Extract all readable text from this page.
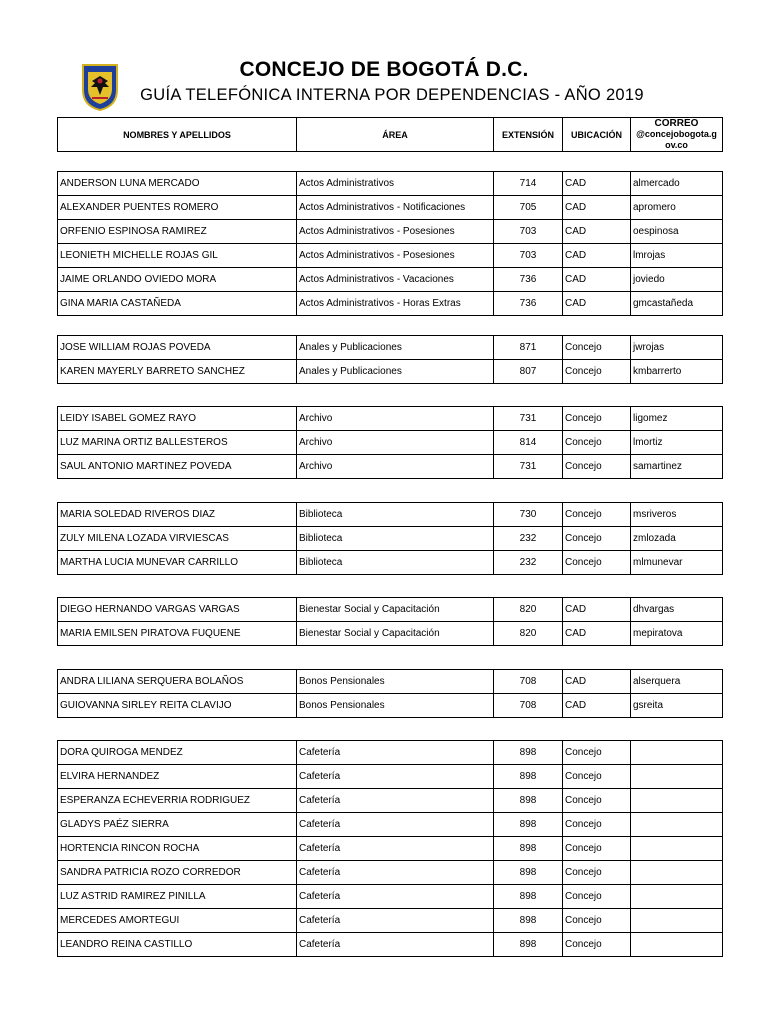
CONCEJO DE BOGOTÁ D.C.
GUÍA TELEFÓNICA INTERNA POR DEPENDENCIAS - AÑO 2019
NOMBRES Y APELLIDOS	ÁREA	EXTENSIÓN	UBICACIÓN	CORREO
@concejobogota.g
ov.co
ANDERSON LUNA MERCADO	Actos Administrativos	714	CAD	almercado
ALEXANDER PUENTES ROMERO	Actos Administrativos - Notificaciones	705	CAD	apromero
ORFENIO ESPINOSA RAMIREZ	Actos Administrativos - Posesiones	703	CAD	oespinosa
LEONIETH MICHELLE ROJAS GIL	Actos Administrativos - Posesiones	703	CAD	lmrojas
JAIME ORLANDO OVIEDO MORA	Actos Administrativos - Vacaciones	736	CAD	joviedo
GINA MARIA CASTAÑEDA	Actos Administrativos - Horas Extras	736	CAD	gmcastañeda
JOSE WILLIAM ROJAS POVEDA	Anales y Publicaciones	871	Concejo	jwrojas
KAREN MAYERLY BARRETO SANCHEZ	Anales y Publicaciones	807	Concejo	kmbarrerto
LEIDY ISABEL GOMEZ RAYO	Archivo	731	Concejo	ligomez
LUZ MARINA ORTIZ BALLESTEROS	Archivo	814	Concejo	lmortiz
SAUL ANTONIO MARTINEZ POVEDA	Archivo	731	Concejo	samartinez
MARIA SOLEDAD RIVEROS DIAZ	Biblioteca	730	Concejo	msriveros
ZULY MILENA LOZADA VIRVIESCAS	Biblioteca	232	Concejo	zmlozada
MARTHA LUCIA MUNEVAR CARRILLO	Biblioteca	232	Concejo	mlmunevar
DIEGO HERNANDO VARGAS VARGAS	Bienestar Social y Capacitación	820	CAD	dhvargas
MARIA EMILSEN PIRATOVA FUQUENE	Bienestar Social y Capacitación	820	CAD	mepiratova
ANDRA LILIANA SERQUERA BOLAÑOS	Bonos Pensionales	708	CAD	alserquera
GUIOVANNA SIRLEY REITA CLAVIJO	Bonos Pensionales	708	CAD	gsreita
DORA QUIROGA MENDEZ	Cafetería	898	Concejo	
ELVIRA HERNANDEZ	Cafetería	898	Concejo	
ESPERANZA ECHEVERRIA RODRIGUEZ	Cafetería	898	Concejo	
GLADYS PAÉZ SIERRA	Cafetería	898	Concejo	
HORTENCIA RINCON ROCHA	Cafetería	898	Concejo	
SANDRA PATRICIA ROZO CORREDOR	Cafetería	898	Concejo	
LUZ ASTRID RAMIREZ PINILLA	Cafetería	898	Concejo	
MERCEDES AMORTEGUI	Cafetería	898	Concejo	
LEANDRO REINA CASTILLO	Cafetería	898	Concejo	
